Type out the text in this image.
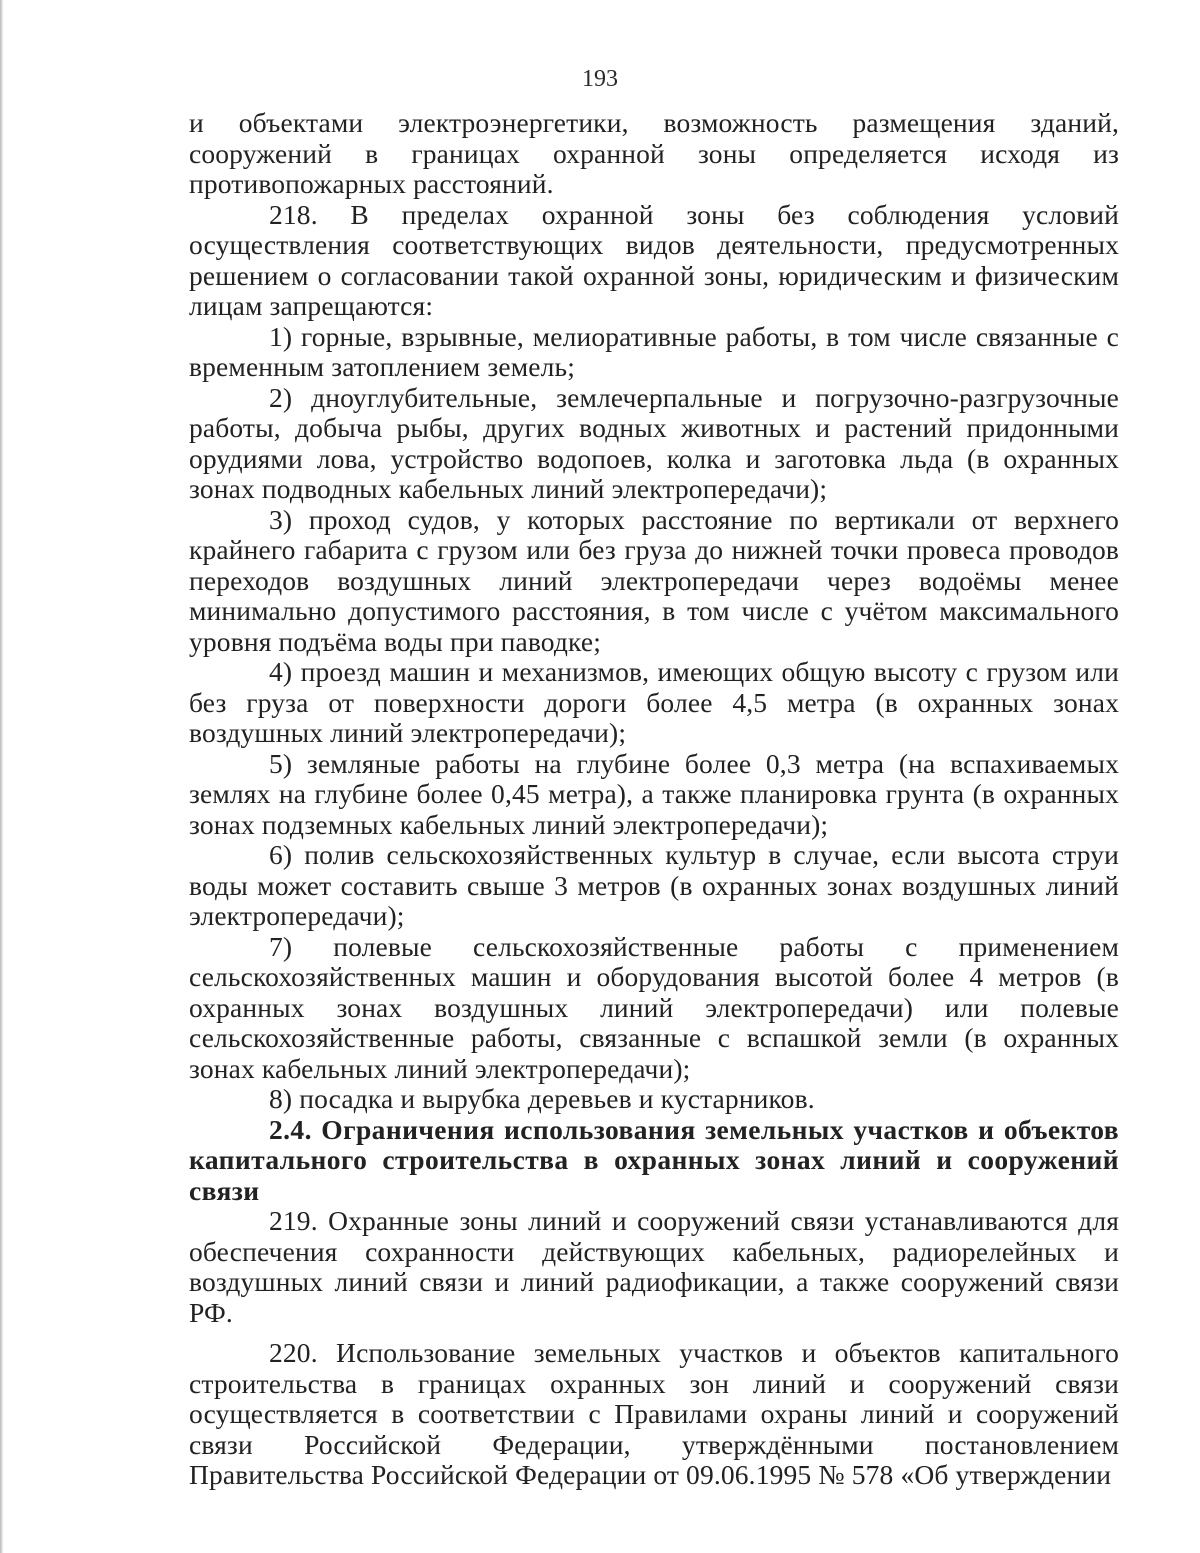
193

и объектами электроэнергетики, возможность размещения зданий, сооружений в границах охранной зоны определяется исходя из противопожарных расстояний.

218. В пределах охранной зоны без соблюдения условий осуществления соответствующих видов деятельности, предусмотренных решением о согласовании такой охранной зоны, юридическим и физическим лицам запрещаются:

1) горные, взрывные, мелиоративные работы, в том числе связанные с временным затоплением земель;

2) дноуглубительные, землечерпальные и погрузочно-разгрузочные работы, добыча рыбы, других водных животных и растений придонными орудиями лова, устройство водопоев, колка и заготовка льда (в охранных зонах подводных кабельных линий электропередачи);

3) проход судов, у которых расстояние по вертикали от верхнего крайнего габарита с грузом или без груза до нижней точки провеса проводов переходов воздушных линий электропередачи через водоёмы менее минимально допустимого расстояния, в том числе с учётом максимального уровня подъёма воды при паводке;

4) проезд машин и механизмов, имеющих общую высоту с грузом или без груза от поверхности дороги более 4,5 метра (в охранных зонах воздушных линий электропередачи);

5) земляные работы на глубине более 0,3 метра (на вспахиваемых землях на глубине более 0,45 метра), а также планировка грунта (в охранных зонах подземных кабельных линий электропередачи);

6) полив сельскохозяйственных культур в случае, если высота струи воды может составить свыше 3 метров (в охранных зонах воздушных линий электропередачи);

7) полевые сельскохозяйственные работы с применением сельскохозяйственных машин и оборудования высотой более 4 метров (в охранных зонах воздушных линий электропередачи) или полевые сельскохозяйственные работы, связанные с вспашкой земли (в охранных зонах кабельных линий электропередачи);

8) посадка и вырубка деревьев и кустарников.

2.4. Ограничения использования земельных участков и объектов капитального строительства в охранных зонах линий и сооружений связи

219. Охранные зоны линий и сооружений связи устанавливаются для обеспечения сохранности действующих кабельных, радиорелейных и воздушных линий связи и линий радиофикации, а также сооружений связи РФ.

220. Использование земельных участков и объектов капитального строительства в границах охранных зон линий и сооружений связи осуществляется в соответствии с Правилами охраны линий и сооружений связи Российской Федерации, утверждёнными постановлением Правительства Российской Федерации от 09.06.1995 № 578 «Об утверждении
